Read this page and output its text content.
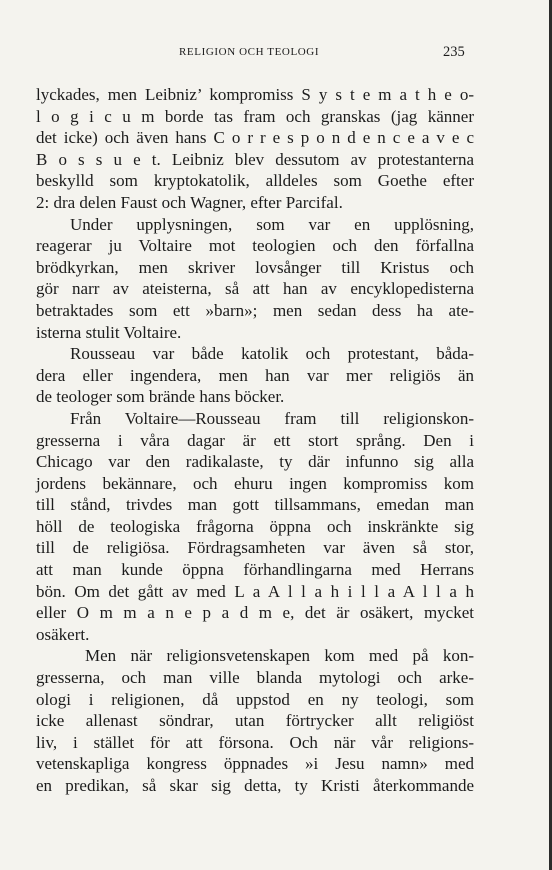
RELIGION OCH TEOLOGI	235
lyckades, men Leibniz’ kompromiss S y s t e m a t h e o-
l o g i c u m borde tas fram och granskas (jag känner
det icke) och även hans C o r r e s p o n d e n c e a v e c
B o s s u e t. Leibniz blev dessutom av protestanterna
beskylld som kryptokatolik, alldeles som Goethe efter
2: dra delen Faust och Wagner, efter Parcifal.
Under upplysningen, som var en upplösning,
reagerar ju Voltaire mot teologien och den förfallna
brödkyrkan, men skriver lovsånger till Kristus och
gör narr av ateisterna, så att han av encyklopedisterna
betraktades som ett »barn»; men sedan dess ha ate-
isterna stulit Voltaire.
Rousseau var både katolik och protestant, båda-
dera eller ingendera, men han var mer religiös än
de teologer som brände hans böcker.
Från Voltaire—Rousseau fram till religionskon-
gresserna i våra dagar är ett stort språng. Den i
Chicago var den radikalaste, ty där infunno sig alla
jordens bekännare, och ehuru ingen kompromiss kom
till stånd, trivdes man gott tillsammans, emedan man
höll de teologiska frågorna öppna och inskränkte sig
till de religiösa. Fördragsamheten var även så stor,
att man kunde öppna förhandlingarna med Herrans
bön. Om det gått av med L a A l l a h i l l a A l l a h
eller O m m a n e p a d m e, det är osäkert, mycket
osäkert.
Men när religionsvetenskapen kom med på kon-
gresserna, och man ville blanda mytologi och arke-
ologi i religionen, då uppstod en ny teologi, som
icke allenast söndrar, utan förtrycker allt religiöst
liv, i stället för att försona. Och när vår religions-
vetenskapliga kongress öppnades »i Jesu namn» med
en predikan, så skar sig detta, ty Kristi återkommande
